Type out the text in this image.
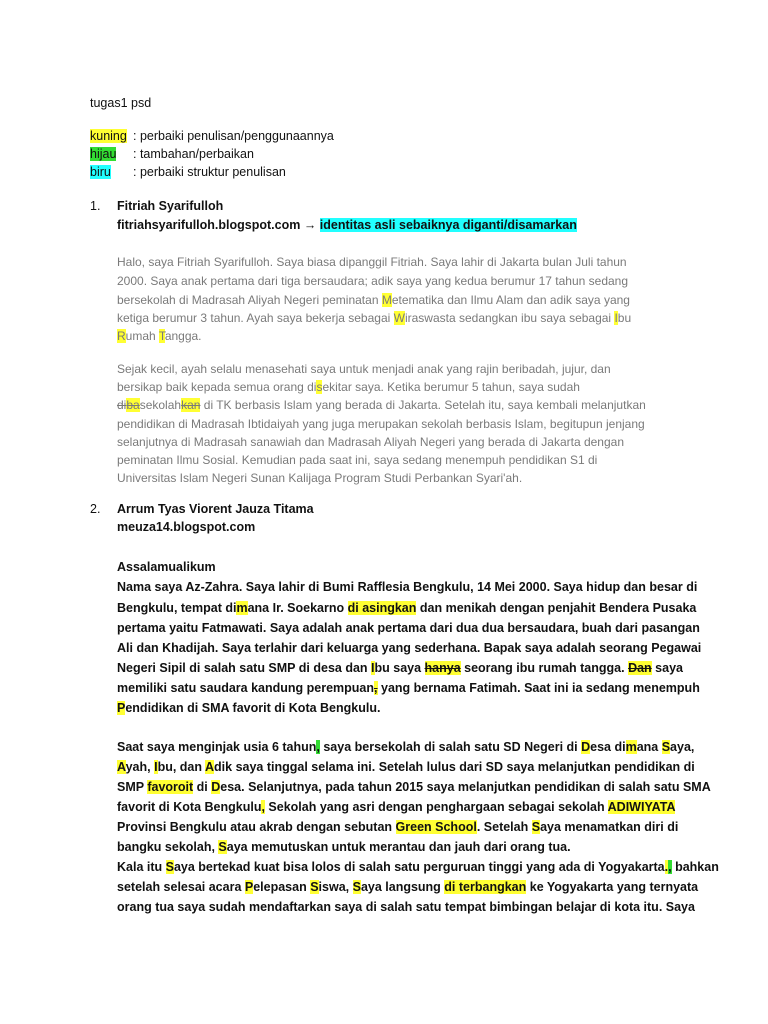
tugas1 psd
kuning : perbaiki penulisan/penggunaannya
hijau : tambahan/perbaikan
biru : perbaiki struktur penulisan
1. Fitriah Syarifulloh
fitriahsyarifulloh.blogspot.com → identitas asli sebaiknya diganti/disamarkan
Halo, saya Fitriah Syarifulloh. Saya biasa dipanggil Fitriah. Saya lahir di Jakarta bulan Juli tahun
2000. Saya anak pertama dari tiga bersaudara; adik saya yang kedua berumur 17 tahun sedang
bersekolah di Madrasah Aliyah Negeri peminatan Metematika dan Ilmu Alam dan adik saya yang
ketiga berumur 3 tahun. Ayah saya bekerja sebagai Wiraswasta sedangkan ibu saya sebagai Ibu
Rumah Tangga.
Sejak kecil, ayah selalu menasehati saya untuk menjadi anak yang rajin beribadah, jujur, dan
bersikap baik kepada semua orang disekitar saya. Ketika berumur 5 tahun, saya sudah
dibasekolahkan di TK berbasis Islam yang berada di Jakarta. Setelah itu, saya kembali melanjutkan
pendidikan di Madrasah Ibtidaiyah yang juga merupakan sekolah berbasis Islam, begitupun jenjang
selanjutnya di Madrasah sanawiah dan Madrasah Aliyah Negeri yang berada di Jakarta dengan
peminatan Ilmu Sosial. Kemudian pada saat ini, saya sedang menempuh pendidikan S1 di
Universitas Islam Negeri Sunan Kalijaga Program Studi Perbankan Syari'ah.
2. Arrum Tyas Viorent Jauza Titama
meuza14.blogspot.com
Assalamualikum
Nama saya Az-Zahra. Saya lahir di Bumi Rafflesia Bengkulu, 14 Mei 2000. Saya hidup dan besar di
Bengkulu, tempat dimana Ir. Soekarno di asingkan dan menikah dengan penjahit Bendera Pusaka
pertama yaitu Fatmawati. Saya adalah anak pertama dari dua dua bersaudara, buah dari pasangan
Ali dan Khadijah. Saya terlahir dari keluarga yang sederhana. Bapak saya adalah seorang Pegawai
Negeri Sipil di salah satu SMP di desa dan Ibu saya hanya seorang ibu rumah tangga. Dan saya
memiliki satu saudara kandung perempuan, yang bernama Fatimah. Saat ini ia sedang menempuh
Pendidikan di SMA favorit di Kota Bengkulu.
Saat saya menginjak usia 6 tahun, saya bersekolah di salah satu SD Negeri di Desa dimana Saya,
Ayah, Ibu, dan Adik saya tinggal selama ini. Setelah lulus dari SD saya melanjutkan pendidikan di
SMP favoroit di Desa. Selanjutnya, pada tahun 2015 saya melanjutkan pendidikan di salah satu SMA
favorit di Kota Bengkulu, Sekolah yang asri dengan penghargaan sebagai sekolah ADIWIYATA
Provinsi Bengkulu atau akrab dengan sebutan Green School. Setelah Saya menamatkan diri di
bangku sekolah, Saya memutuskan untuk merantau dan jauh dari orang tua.
Kala itu Saya bertekad kuat bisa lolos di salah satu perguruan tinggi yang ada di Yogyakarta., bahkan
setelah selesai acara Pelepasan Siswa, Saya langsung di terbangkan ke Yogyakarta yang ternyata
orang tua saya sudah mendaftarkan saya di salah satu tempat bimbingan belajar di kota itu. Saya
